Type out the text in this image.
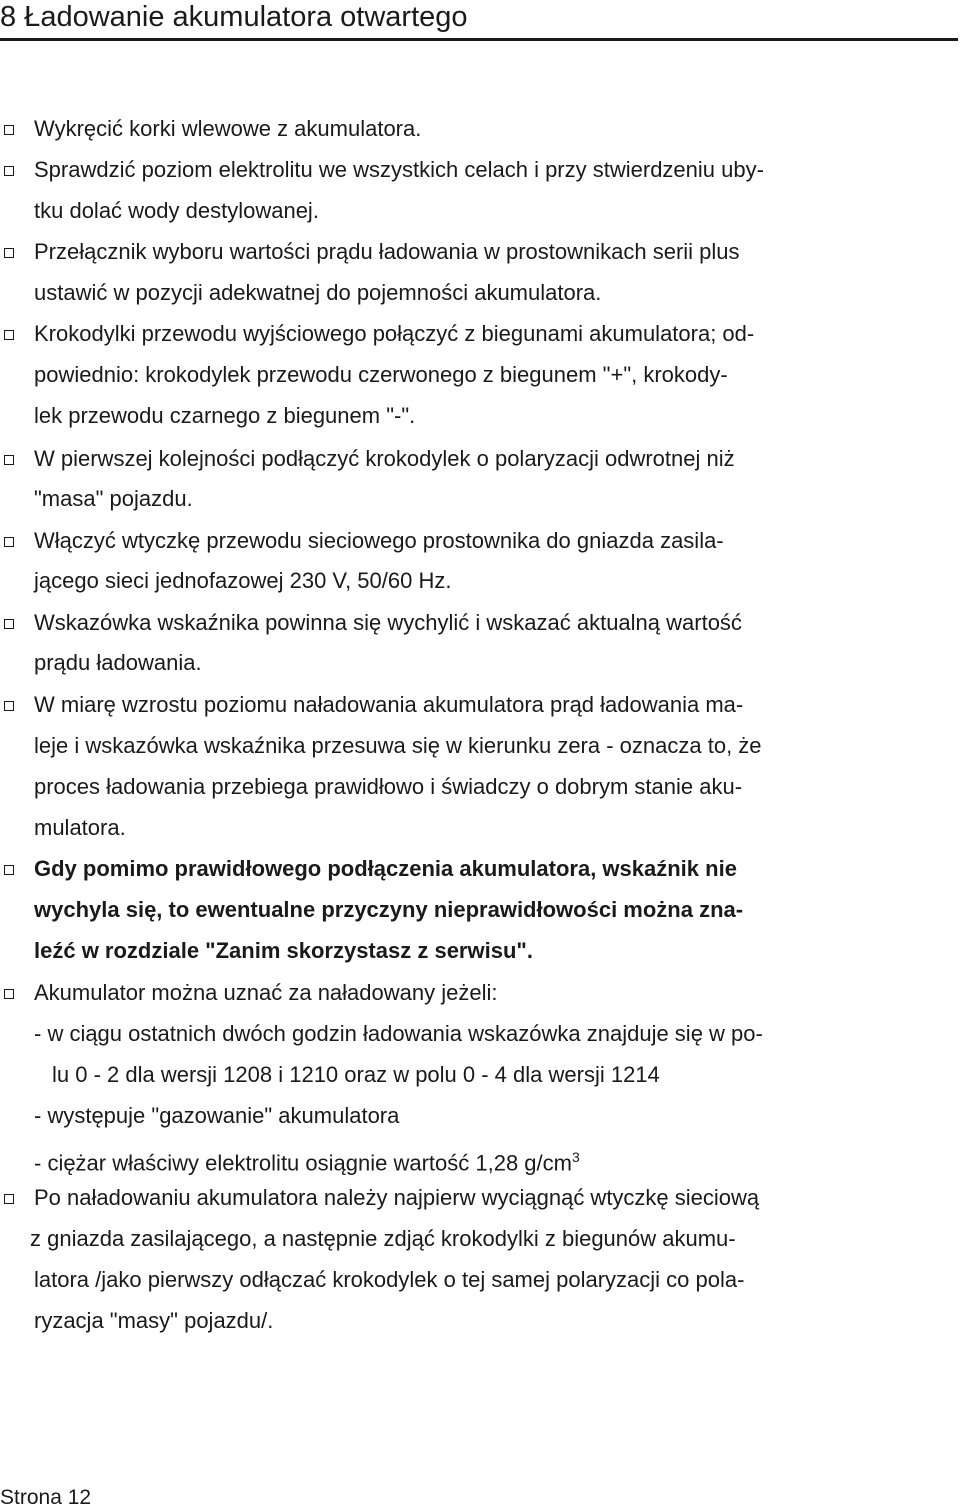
8 Ładowanie akumulatora otwartego
Wykręcić korki wlewowe z akumulatora.
Sprawdzić poziom elektrolitu we wszystkich celach i przy stwierdzeniu uby-
tku dolać wody destylowanej.
Przełącznik wyboru wartości prądu ładowania w prostownikach serii plus
ustawić w pozycji adekwatnej do pojemności akumulatora.
Krokodylki przewodu wyjściowego połączyć z biegunami akumulatora; od-
powiednio: krokodylek przewodu czerwonego z biegunem "+", krokody-
lek przewodu czarnego z biegunem "-".
W pierwszej kolejności podłączyć krokodylek o polaryzacji odwrotnej niż
"masa" pojazdu.
Włączyć wtyczkę przewodu sieciowego prostownika do gniazda zasila-
jącego sieci jednofazowej 230 V, 50/60 Hz.
Wskazówka wskaźnika powinna się wychylić i wskazać aktualną wartość
prądu ładowania.
W miarę wzrostu poziomu naładowania akumulatora prąd ładowania ma-
leje i wskazówka wskaźnika przesuwa się w kierunku zera - oznacza to, że
proces ładowania przebiega prawidłowo i świadczy o dobrym stanie aku-
mulatora.
Gdy pomimo prawidłowego podłączenia akumulatora, wskaźnik nie
wychyla się, to ewentualne przyczyny nieprawidłowości można zna-
leźć w rozdziale "Zanim skorzystasz z serwisu".
Akumulator można uznać za naładowany jeżeli:
- w ciągu ostatnich dwóch godzin ładowania wskazówka znajduje się w po-
lu 0 - 2 dla wersji 1208 i 1210 oraz w polu 0 - 4 dla wersji 1214
- występuje "gazowanie" akumulatora
- ciężar właściwy elektrolitu osiągnie wartość 1,28 $g/cm^3$
Po naładowaniu akumulatora należy najpierw wyciągnąć wtyczkę sieciową
z gniazda zasilającego, a następnie zdjąć krokodylki z biegunów akumu-
latora /jako pierwszy odłączać krokodylek o tej samej polaryzacji co pola-
ryzacja "masy" pojazdu/.
Strona 12
